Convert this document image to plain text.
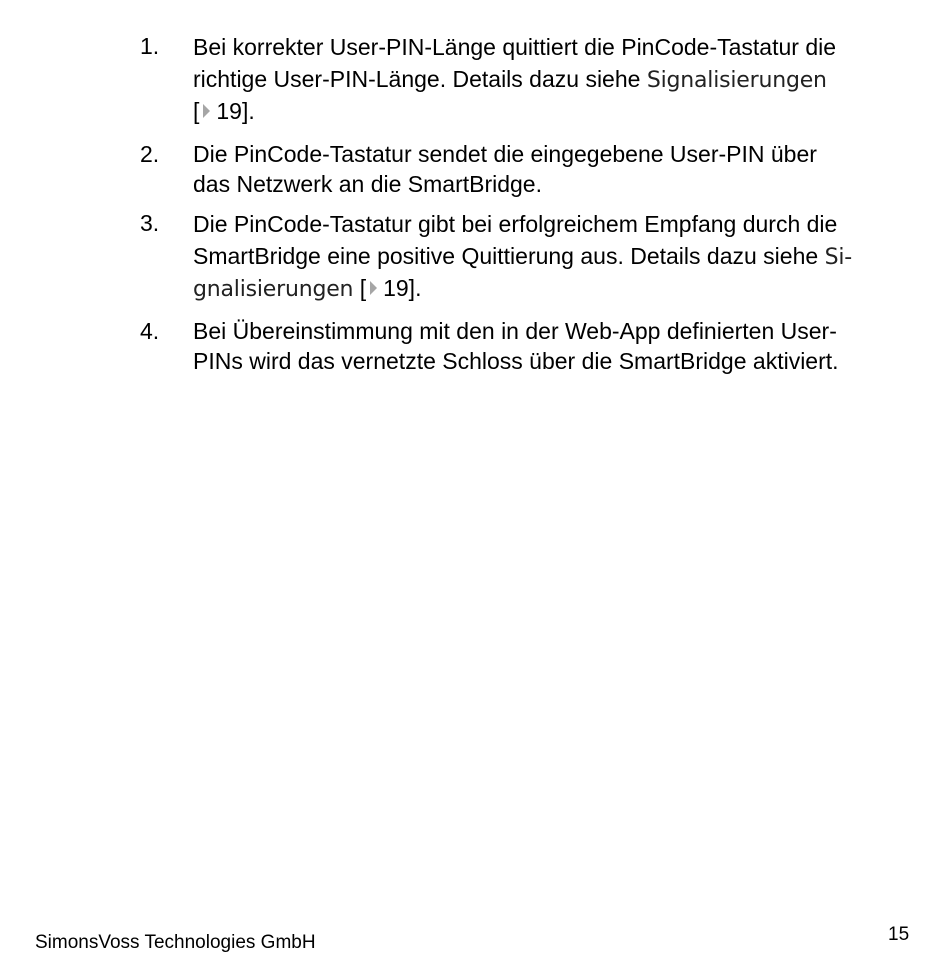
1. Bei korrekter User-PIN-Länge quittiert die PinCode-Tastatur die
richtige User-PIN-Länge. Details dazu siehe Signalisierungen
[ 19].
2. Die PinCode-Tastatur sendet die eingegebene User-PIN über
das Netzwerk an die SmartBridge.
3. Die PinCode-Tastatur gibt bei erfolgreichem Empfang durch die
SmartBridge eine positive Quittierung aus. Details dazu siehe Si-
gnalisierungen [ 19].
4. Bei Übereinstimmung mit den in der Web-App definierten User-
PINs wird das vernetzte Schloss über die SmartBridge aktiviert.
SimonsVoss Technologies GmbH	15
